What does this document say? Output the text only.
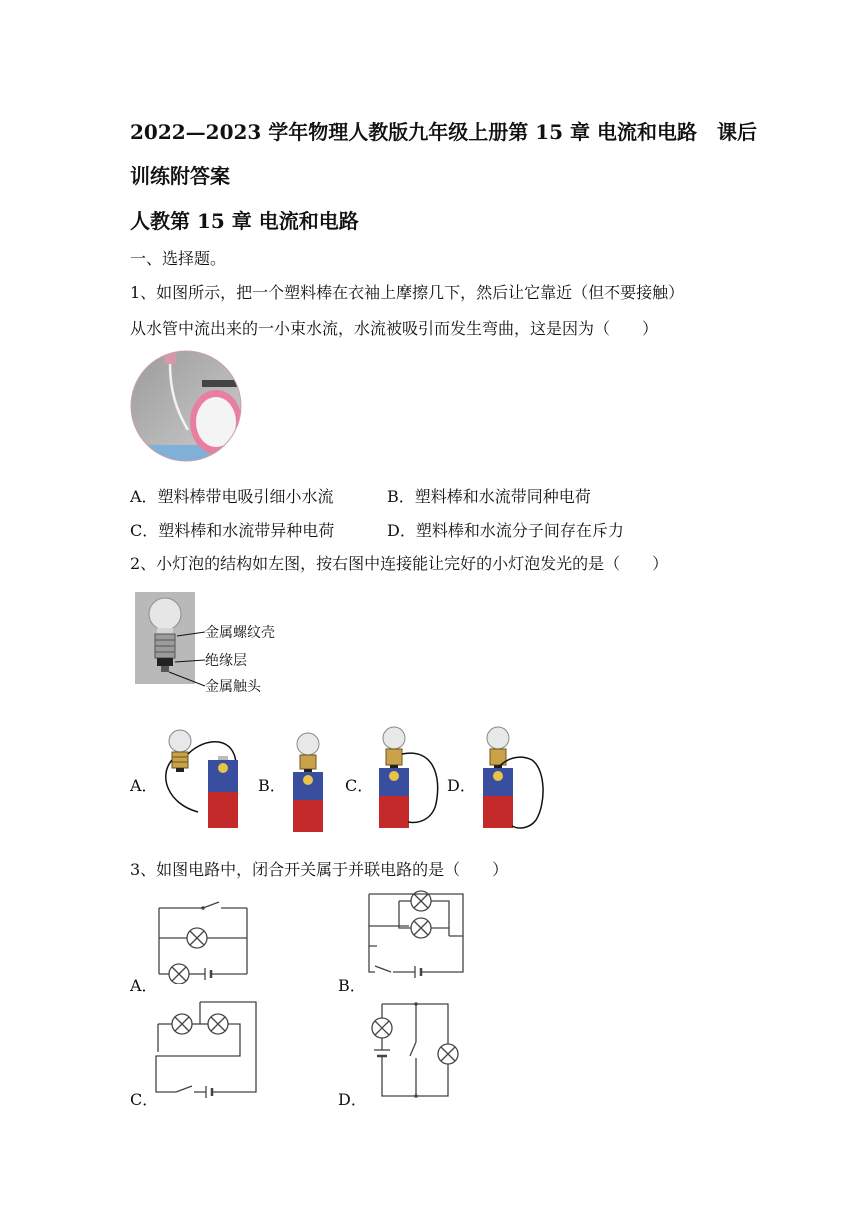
2022—2023 学年物理人教版九年级上册第 15 章 电流和电路　课后
训练附答案
人教第 15 章 电流和电路
一、选择题。
1、如图所示，把一个塑料棒在衣袖上摩擦几下，然后让它靠近（但不要接触）
从水管中流出来的一小束水流，水流被吸引而发生弯曲，这是因为（　　）
A．塑料棒带电吸引细小水流	B．塑料棒和水流带同种电荷
C．塑料棒和水流带异种电荷	D．塑料棒和水流分子间存在斥力
2、小灯泡的结构如左图，按右图中连接能让完好的小灯泡发光的是（　　）
金属螺纹壳
绝缘层
金属触头
A．	B．	C．	D．
3、如图电路中，闭合开关属于并联电路的是（　　）
A．	B．
C．	D．
